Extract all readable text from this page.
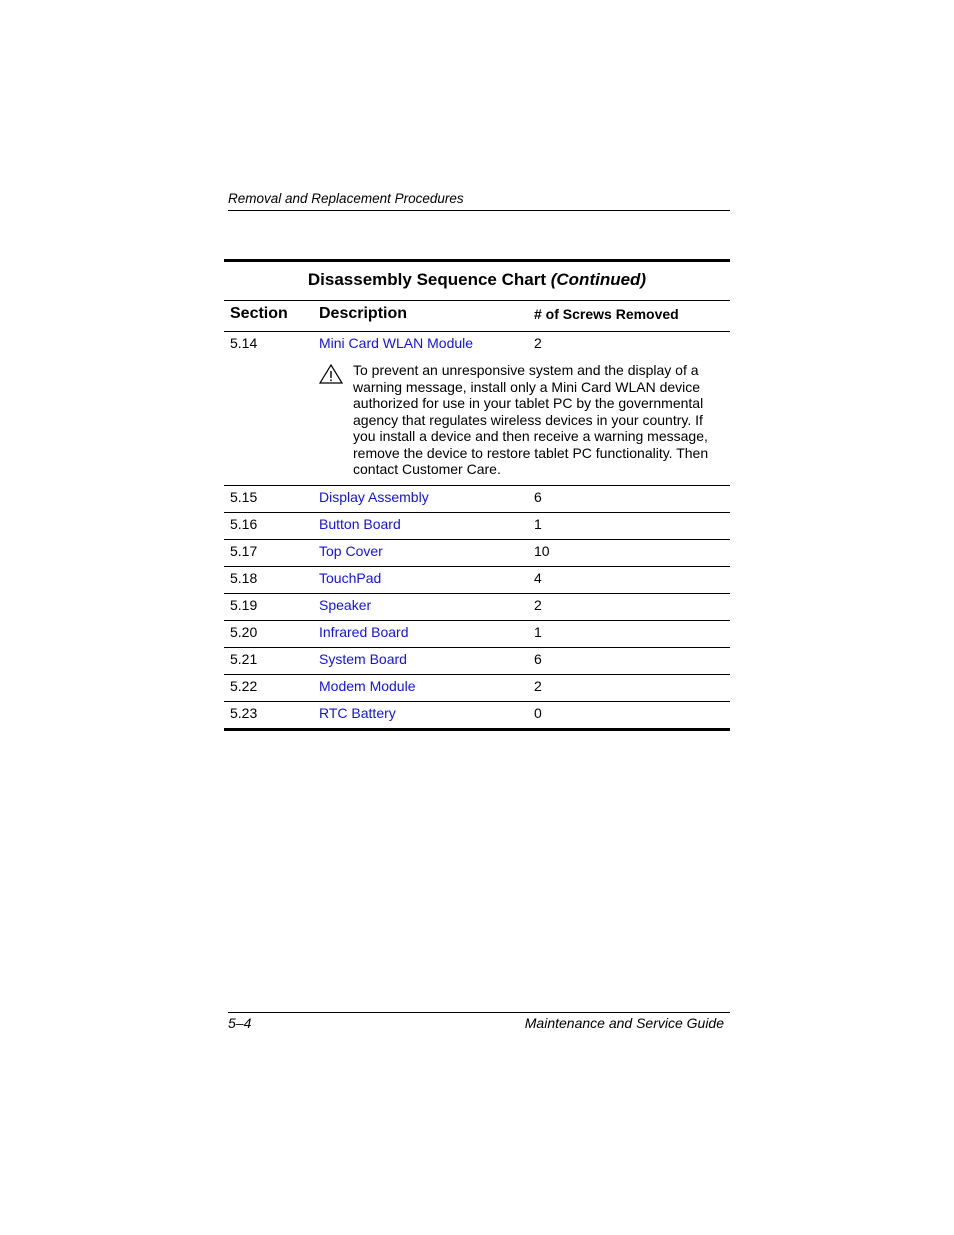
Removal and Replacement Procedures
Disassembly Sequence Chart (Continued)
Section	Description	# of Screws Removed
5.14	Mini Card WLAN Module 2
To prevent an unresponsive system and the display of a warning message, install only a Mini Card WLAN device authorized for use in your tablet PC by the governmental agency that regulates wireless devices in your country. If you install a device and then receive a warning message, remove the device to restore tablet PC functionality. Then contact Customer Care.	

5.15	Display Assembly	6
5.16	Button Board	1
5.17	Top Cover	10
5.18	TouchPad	4
5.19	Speaker	2
5.20	Infrared Board	1
5.21	System Board	6
5.22	Modem Module	2
5.23	RTC Battery	0
5–4	Maintenance and Service Guide
